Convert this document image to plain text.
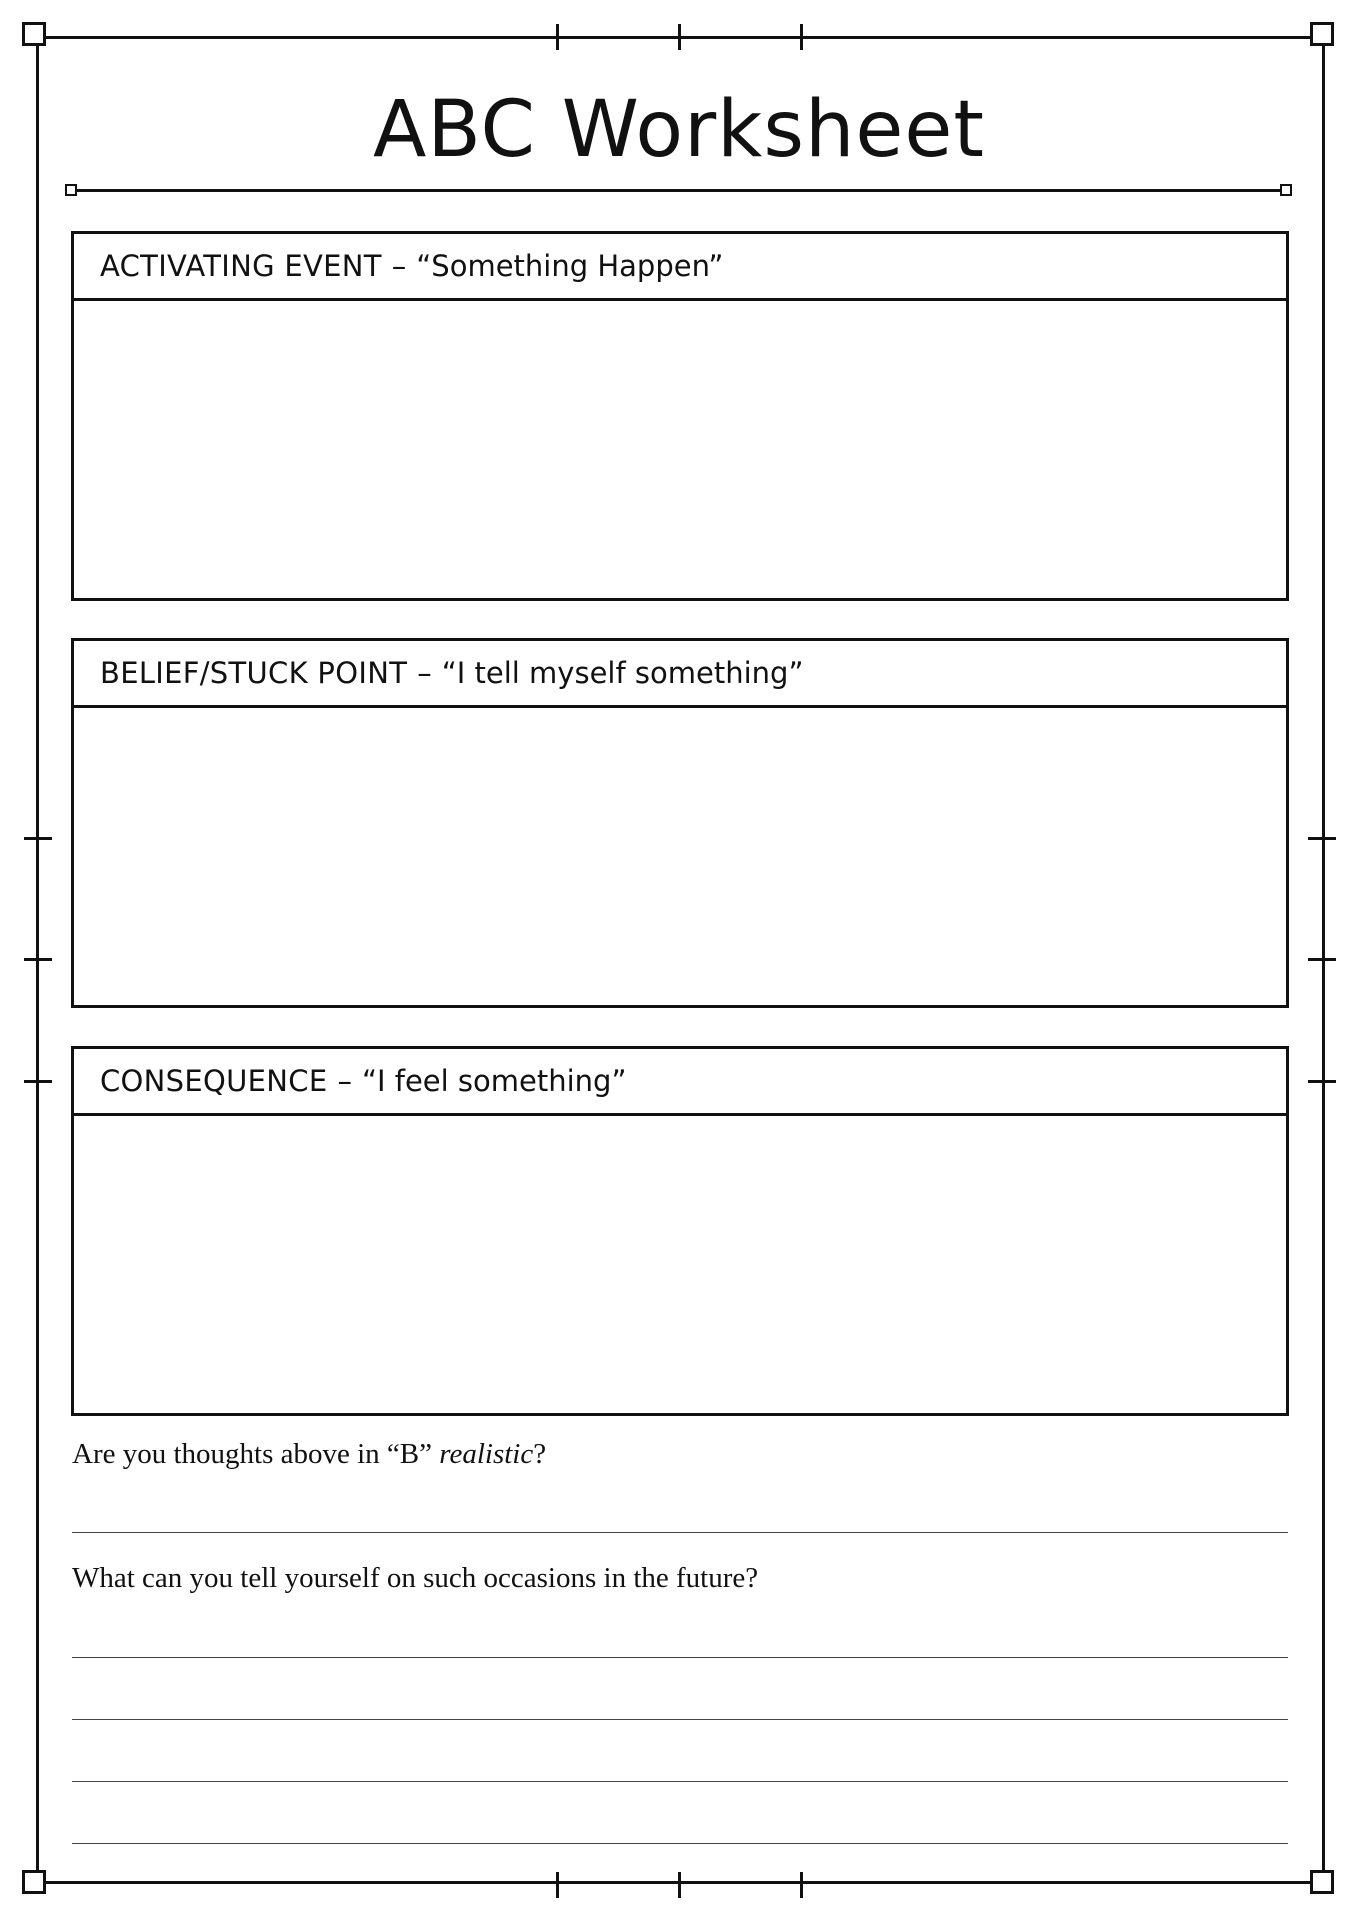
ABC Worksheet
ACTIVATING EVENT – “Something Happen”
BELIEF/STUCK POINT – “I tell myself something”
CONSEQUENCE – “I feel something”

Are you thoughts above in “B” realistic?

What can you tell yourself on such occasions in the future?
